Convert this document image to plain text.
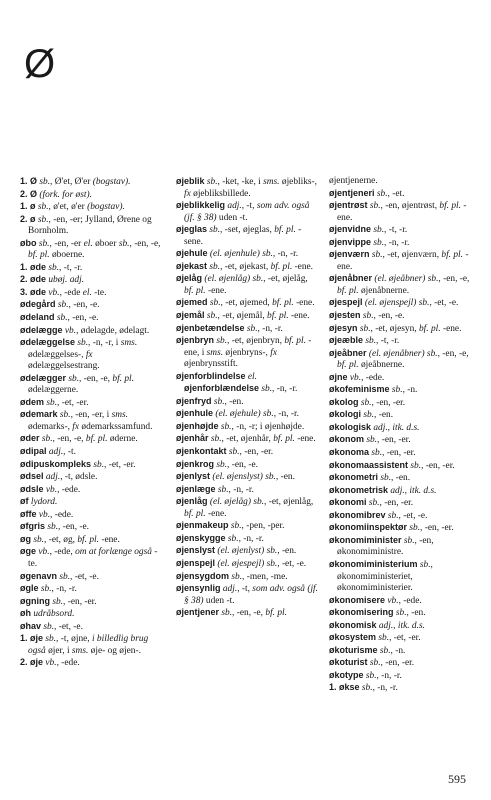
Ø

1. Ø sb., Ø'et, Ø'er (bogstav).

2. Ø (fork. for øst).

1. ø sb., ø'et, ø'er (bogstav).

2. ø sb., -en, -er; Jylland, Ørene og Bornholm.

øbo sb., -en, -er el. øboer sb., -en, -e, bf. pl. øboerne.

1. øde sb., -t, -r.

2. øde ubøj. adj.

3. øde vb., -ede el. -te.

ødegård sb., -en, -e.

ødeland sb., -en, -e.

ødelægge vb., ødelagde, ødelagt.

ødelæggelse sb., -n, -r, i sms. ødelæggelses-, fx ødelæggelsestrang.

ødelægger sb., -en, -e, bf. pl. ødelæggerne.

ødem sb., -et, -er.

ødemark sb., -en, -er, i sms. ødemarks-, fx ødemarkssamfund.

øder sb., -en, -e, bf. pl. øderne.

ødipal adj., -t.

ødipuskompleks sb., -et, -er.

ødsel adj., -t, ødsle.

ødsle vb., -ede.

øf lydord.

øffe vb., -ede.

øfgris sb., -en, -e.

øg sb., -et, øg, bf. pl. -ene.

øge vb., -ede, om at forlænge også -te.

øgenavn sb., -et, -e.

øgle sb., -n, -r.

øgning sb., -en, -er.

øh udråbsord.

øhav sb., -et, -e.

1. øje sb., -t, øjne, i billedlig brug også øjer, i sms. øje- og øjen-.

2. øje vb., -ede.

øjeblik sb., -ket, -ke, i sms. øjebliks-, fx øjebliksbillede.

øjeblikkelig adj., -t, som adv. også (jf. § 38) uden -t.

øjeglas sb., -set, øjeglas, bf. pl. -sene.

øjehule (el. øjenhule) sb., -n, -r.

øjekast sb., -et, øjekast, bf. pl. -ene.

øjelåg (el. øjenlåg) sb., -et, øjelåg, bf. pl. -ene.

øjemed sb., -et, øjemed, bf. pl. -ene.

øjemål sb., -et, øjemål, bf. pl. -ene.

øjenbetændelse sb., -n, -r.

øjenbryn sb., -et, øjenbryn, bf. pl. -ene, i sms. øjenbryns-, fx øjenbrynsstift.

øjenforblindelse el. øjenforblændelse sb., -n, -r.

øjenfryd sb., -en.

øjenhule (el. øjehule) sb., -n, -r.

øjenhøjde sb., -n, -r; i øjenhøjde.

øjenhår sb., -et, øjenhår, bf. pl. -ene.

øjenkontakt sb., -en, -er.

øjenkrog sb., -en, -e.

øjenlyst (el. øjenslyst) sb., -en.

øjenlæge sb., -n, -r.

øjenlåg (el. øjelåg) sb., -et, øjenlåg, bf. pl. -ene.

øjenmakeup sb., -pen, -per.

øjenskygge sb., -n, -r.

øjenslyst (el. øjenlyst) sb., -en.

øjenspejl (el. øjespejl) sb., -et, -e.

øjensygdom sb., -men, -me.

øjensynlig adj., -t, som adv. også (jf. § 38) uden -t.

øjentjener sb., -en, -e, bf. pl.

øjentjenerne.

øjentjeneri sb., -et.

øjentrøst sb., -en, øjentrøst, bf. pl. -ene.

øjenvidne sb., -t, -r.

øjenvippe sb., -n, -r.

øjenværn sb., -et, øjenværn, bf. pl. -ene.

øjenåbner (el. øjeåbner) sb., -en, -e, bf. pl. øjenåbnerne.

øjespejl (el. øjenspejl) sb., -et, -e.

øjesten sb., -en, -e.

øjesyn sb., -et, øjesyn, bf. pl. -ene.

øjeæble sb., -t, -r.

øjeåbner (el. øjenåbner) sb., -en, -e, bf. pl. øjeåbnerne.

øjne vb., -ede.

økofeminisme sb., -n.

økolog sb., -en, -er.

økologi sb., -en.

økologisk adj., itk. d.s.

økonom sb., -en, -er.

økonoma sb., -en, -er.

økonomaassistent sb., -en, -er.

økonometri sb., -en.

økonometrisk adj., itk. d.s.

økonomi sb., -en, -er.

økonomibrev sb., -et, -e.

økonomiinspektør sb., -en, -er.

økonomiminister sb., -en, økonomiministre.

økonomiministerium sb., økonomiministeriet, økonomiministerier.

økonomisere vb., -ede.

økonomisering sb., -en.

økonomisk adj., itk. d.s.

økosystem sb., -et, -er.

økoturisme sb., -n.

økoturist sb., -en, -er.

økotype sb., -n, -r.

1. økse sb., -n, -r.

595
